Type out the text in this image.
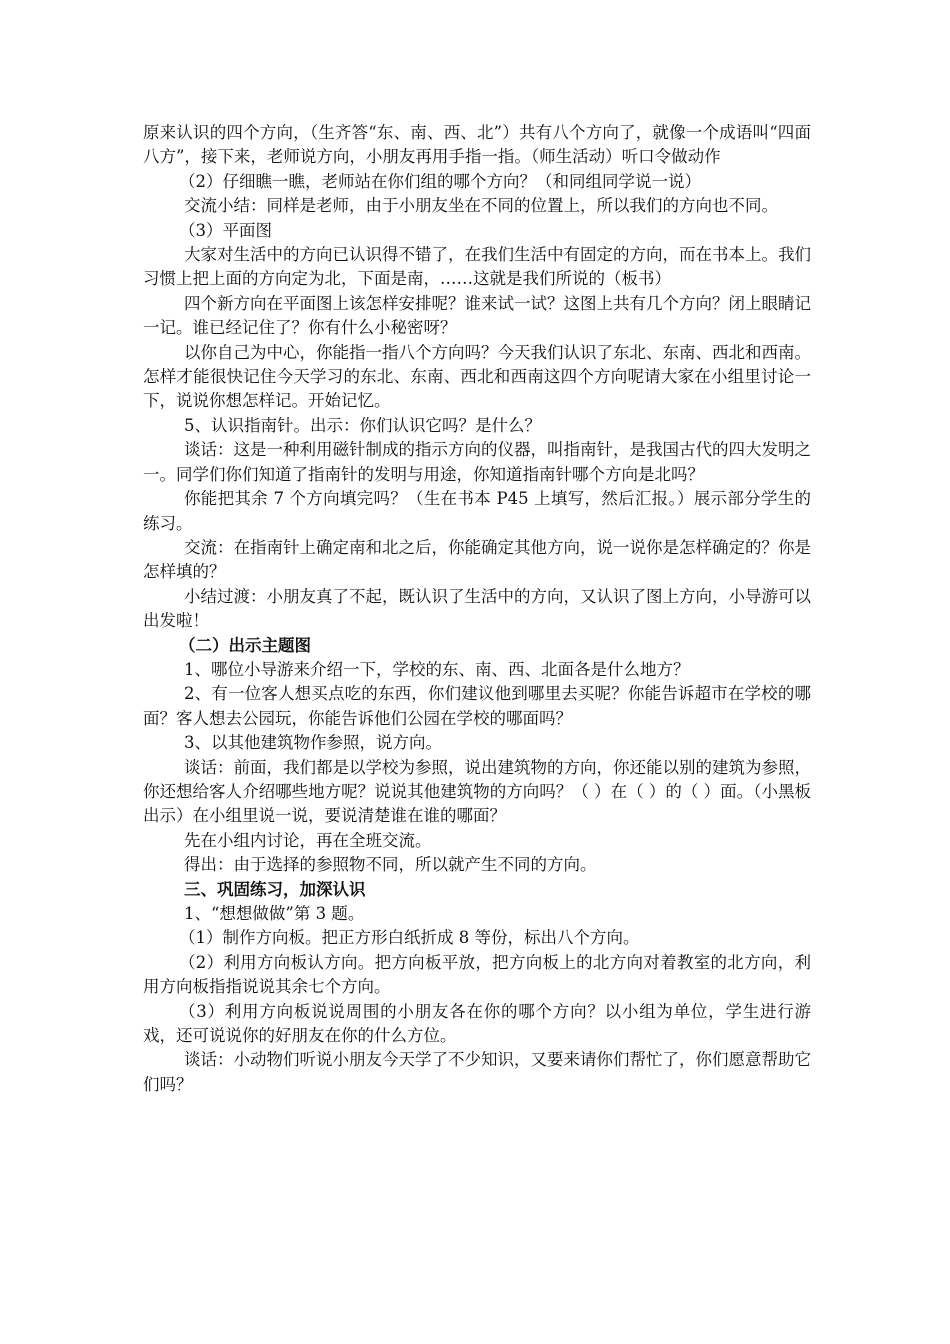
原来认识的四个方向，（生齐答“东、南、西、北”）共有八个方向了，就像一个成语叫“四面八方”，接下来，老师说方向，小朋友再用手指一指。（师生活动）听口令做动作

（2）仔细瞧一瞧，老师站在你们组的哪个方向？（和同组同学说一说）

交流小结：同样是老师，由于小朋友坐在不同的位置上，所以我们的方向也不同。

（3）平面图

大家对生活中的方向已认识得不错了，在我们生活中有固定的方向，而在书本上。我们习惯上把上面的方向定为北，下面是南，……这就是我们所说的（板书）

四个新方向在平面图上该怎样安排呢？谁来试一试？这图上共有几个方向？闭上眼睛记一记。谁已经记住了？你有什么小秘密呀？

以你自己为中心，你能指一指八个方向吗？今天我们认识了东北、东南、西北和西南。怎样才能很快记住今天学习的东北、东南、西北和西南这四个方向呢请大家在小组里讨论一下，说说你想怎样记。开始记忆。

5、认识指南针。出示：你们认识它吗？是什么？

谈话：这是一种利用磁针制成的指示方向的仪器，叫指南针，是我国古代的四大发明之一。同学们你们知道了指南针的发明与用途，你知道指南针哪个方向是北吗？

你能把其余 7 个方向填完吗？（生在书本 P45 上填写，然后汇报。）展示部分学生的练习。

交流：在指南针上确定南和北之后，你能确定其他方向，说一说你是怎样确定的？你是怎样填的？

小结过渡：小朋友真了不起，既认识了生活中的方向，又认识了图上方向，小导游可以出发啦！

（二）出示主题图

1、哪位小导游来介绍一下，学校的东、南、西、北面各是什么地方？

2、有一位客人想买点吃的东西，你们建议他到哪里去买呢？你能告诉超市在学校的哪面？客人想去公园玩，你能告诉他们公园在学校的哪面吗？

3、以其他建筑物作参照，说方向。

谈话：前面，我们都是以学校为参照，说出建筑物的方向，你还能以别的建筑为参照，你还想给客人介绍哪些地方呢？说说其他建筑物的方向吗？（ ）在（ ）的（ ）面。（小黑板出示）在小组里说一说，要说清楚谁在谁的哪面？

先在小组内讨论，再在全班交流。

得出：由于选择的参照物不同，所以就产生不同的方向。

三、巩固练习，加深认识

1、“想想做做”第 3 题。

（1）制作方向板。把正方形白纸折成 8 等份，标出八个方向。

（2）利用方向板认方向。把方向板平放，把方向板上的北方向对着教室的北方向，利用方向板指指说说其余七个方向。

（3）利用方向板说说周围的小朋友各在你的哪个方向？以小组为单位，学生进行游戏，还可说说你的好朋友在你的什么方位。

谈话：小动物们听说小朋友今天学了不少知识，又要来请你们帮忙了，你们愿意帮助它们吗？
